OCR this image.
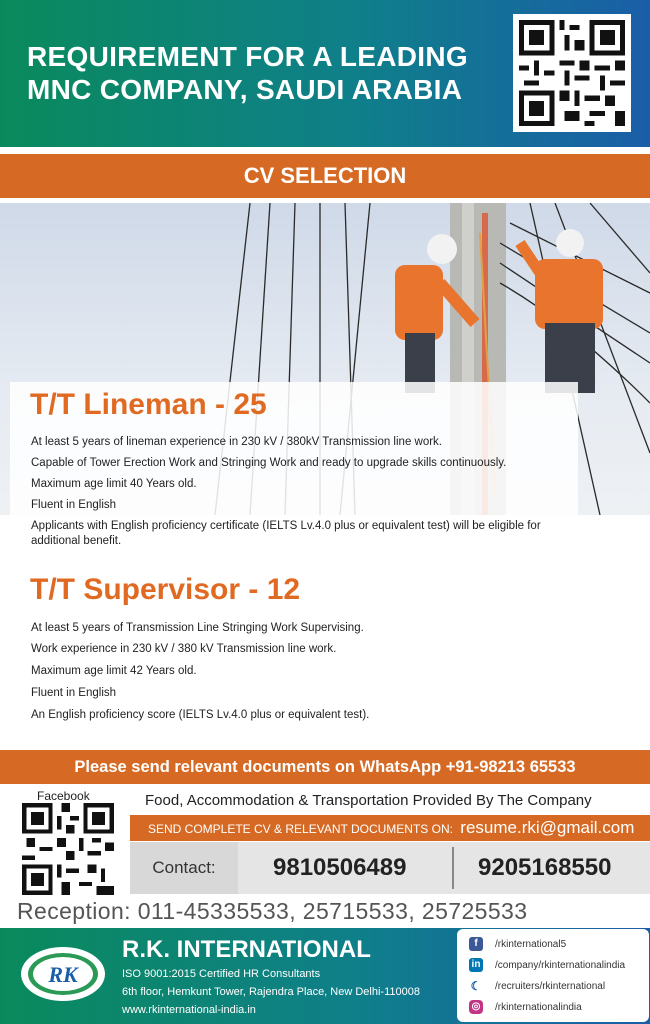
REQUIREMENT FOR A LEADING
MNC COMPANY, SAUDI ARABIA
CV SELECTION
T/T Lineman - 25
At least 5 years of lineman experience in 230 kV / 380kV Transmission line work.
Capable of Tower Erection Work and Stringing Work and ready to upgrade skills continuously.
Maximum age limit 40 Years old.
Fluent in English
Applicants with English proficiency certificate (IELTS Lv.4.0 plus or equivalent test) will be eligible for additional benefit.
T/T Supervisor - 12
At least 5 years of Transmission Line Stringing Work Supervising.
Work experience in 230 kV / 380 kV Transmission line work.
Maximum age limit 42 Years old.
Fluent in English
An English proficiency score (IELTS Lv.4.0 plus or equivalent test).
Please send relevant documents on WhatsApp +91-98213 65533
Facebook	Food, Accommodation & Transportation Provided By The Company
SEND COMPLETE CV & RELEVANT DOCUMENTS ON: resume.rki@gmail.com
Contact:	9810506489	9205168550
Reception: 011-45335533, 25715533, 25725533
RK
R.K. INTERNATIONAL
ISO 9001:2015 Certified HR Consultants
6th floor, Hemkunt Tower, Rajendra Place, New Delhi-110008
www.rkinternational-india.in
f	/rkinternational5
in /company/rkinternationalindia
☾ /recruiters/rkinternational
◎ /rkinternationalindia
